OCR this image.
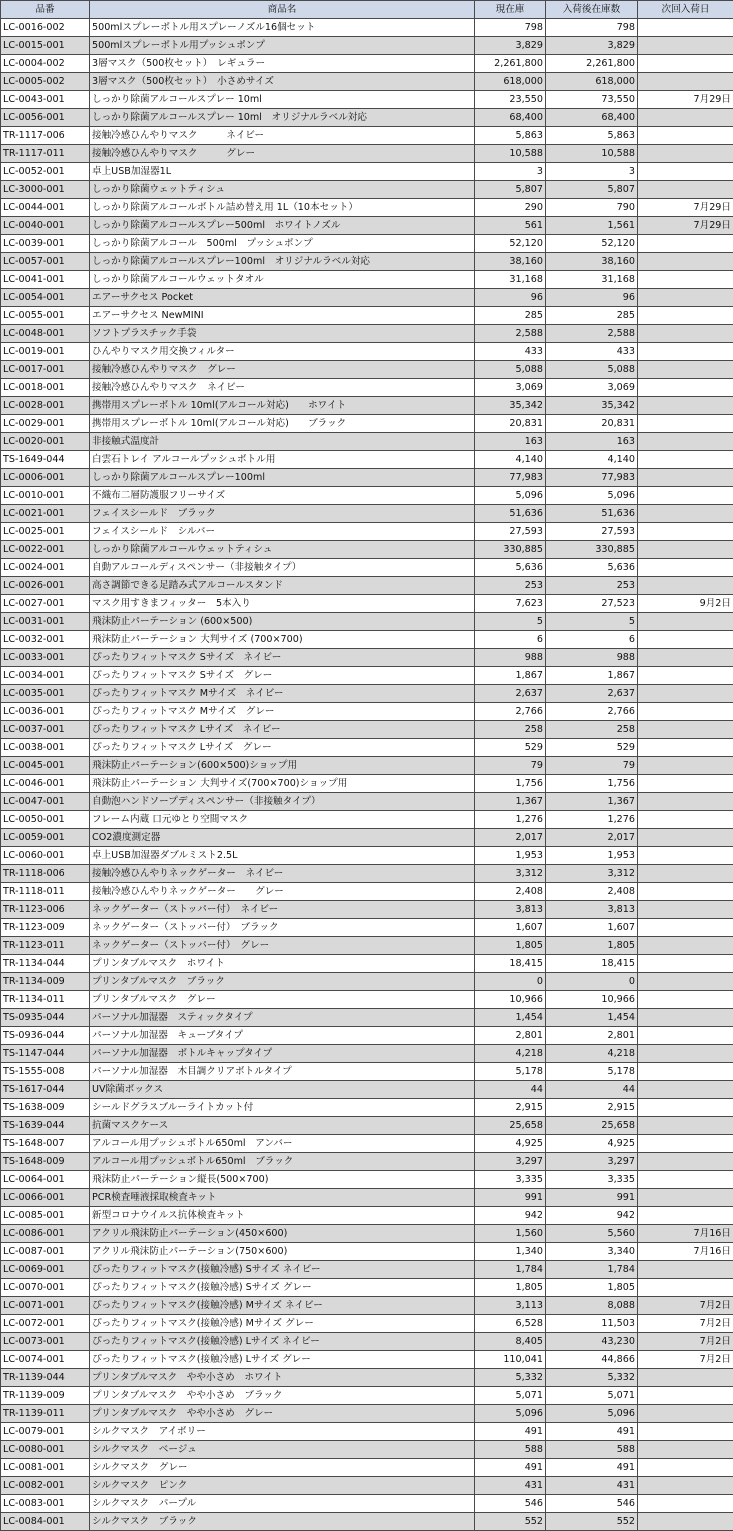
品番	商品名	現在庫	入荷後在庫数	次回入荷日
LC-0016-002	500mlスプレーボトル用スプレーノズル16個セット	798	798	
LC-0015-001	500mlスプレーボトル用プッシュポンプ	3,829	3,829	
LC-0004-002	3層マスク（500枚セット）　レギュラー	2,261,800	2,261,800	
LC-0005-002	3層マスク（500枚セット）　小さめサイズ	618,000	618,000	
LC-0043-001	しっかり除菌アルコールスプレー 10ml	23,550	73,550	7月29日
LC-0056-001	しっかり除菌アルコールスプレー 10ml　オリジナルラベル対応	68,400	68,400	
TR-1117-006	接触冷感ひんやりマスク　　　ネイビー	5,863	5,863	
TR-1117-011	接触冷感ひんやりマスク　　　グレー	10,588	10,588	
LC-0052-001	卓上USB加湿器1L	3	3	
LC-3000-001	しっかり除菌ウェットティシュ	5,807	5,807	
LC-0044-001	しっかり除菌アルコールボトル詰め替え用 1L（10本セット）	290	790	7月29日
LC-0040-001	しっかり除菌アルコールスプレー500ml　ホワイトノズル	561	1,561	7月29日
LC-0039-001	しっかり除菌アルコール　500ml　プッシュポンプ	52,120	52,120	
LC-0057-001	しっかり除菌アルコールスプレー100ml　オリジナルラベル対応	38,160	38,160	
LC-0041-001	しっかり除菌アルコールウェットタオル	31,168	31,168	
LC-0054-001	エアーサクセス Pocket	96	96	
LC-0055-001	エアーサクセス NewMINI	285	285	
LC-0048-001	ソフトプラスチック手袋	2,588	2,588	
LC-0019-001	ひんやりマスク用交換フィルター	433	433	
LC-0017-001	接触冷感ひんやりマスク　グレー	5,088	5,088	
LC-0018-001	接触冷感ひんやりマスク　ネイビー	3,069	3,069	
LC-0028-001	携帯用スプレーボトル 10ml(アルコール対応)　　ホワイト	35,342	35,342	
LC-0029-001	携帯用スプレーボトル 10ml(アルコール対応)　　ブラック	20,831	20,831	
LC-0020-001	非接触式温度計	163	163	
TS-1649-044	白雲石トレイ アルコールプッシュボトル用	4,140	4,140	
LC-0006-001	しっかり除菌アルコールスプレー100ml	77,983	77,983	
LC-0010-001	不織布二層防護服フリーサイズ	5,096	5,096	
LC-0021-001	フェイスシールド　ブラック	51,636	51,636	
LC-0025-001	フェイスシールド　シルバー	27,593	27,593	
LC-0022-001	しっかり除菌アルコールウェットティシュ	330,885	330,885	
LC-0024-001	自動アルコールディスペンサー（非接触タイプ）	5,636	5,636	
LC-0026-001	高さ調節できる足踏み式アルコールスタンド	253	253	
LC-0027-001	マスク用すきまフィッター　5本入り	7,623	27,523	9月2日
LC-0031-001	飛沫防止パーテーション (600×500)	5	5	
LC-0032-001	飛沫防止パーテーション 大判サイズ (700×700)	6	6	
LC-0033-001	ぴったりフィットマスク Sサイズ　ネイビー	988	988	
LC-0034-001	ぴったりフィットマスク Sサイズ　グレー	1,867	1,867	
LC-0035-001	ぴったりフィットマスク Mサイズ　ネイビー	2,637	2,637	
LC-0036-001	ぴったりフィットマスク Mサイズ　グレー	2,766	2,766	
LC-0037-001	ぴったりフィットマスク Lサイズ　ネイビー	258	258	
LC-0038-001	ぴったりフィットマスク Lサイズ　グレー	529	529	
LC-0045-001	飛沫防止パーテーション(600×500)ショップ用	79	79	
LC-0046-001	飛沫防止パーテーション 大判サイズ(700×700)ショップ用	1,756	1,756	
LC-0047-001	自動泡ハンドソープディスペンサー（非接触タイプ）	1,367	1,367	
LC-0050-001	フレーム内蔵 口元ゆとり空間マスク	1,276	1,276	
LC-0059-001	CO2濃度測定器	2,017	2,017	
LC-0060-001	卓上USB加湿器ダブルミスト2.5L	1,953	1,953	
TR-1118-006	接触冷感ひんやりネックゲーター　ネイビー	3,312	3,312	
TR-1118-011	接触冷感ひんやりネックゲーター　　グレー	2,408	2,408	
TR-1123-006	ネックゲーター（ストッパー付）　ネイビー	3,813	3,813	
TR-1123-009	ネックゲーター（ストッパー付）　ブラック	1,607	1,607	
TR-1123-011	ネックゲーター（ストッパー付）　グレー	1,805	1,805	
TR-1134-044	プリンタブルマスク　ホワイト	18,415	18,415	
TR-1134-009	プリンタブルマスク　ブラック	0	0	
TR-1134-011	プリンタブルマスク　グレー	10,966	10,966	
TS-0935-044	パーソナル加湿器　スティックタイプ	1,454	1,454	
TS-0936-044	パーソナル加湿器　キューブタイプ	2,801	2,801	
TS-1147-044	パーソナル加湿器　ボトルキャップタイプ	4,218	4,218	
TS-1555-008	パーソナル加湿器　木目調クリアボトルタイプ	5,178	5,178	
TS-1617-044	UV除菌ボックス	44	44	
TS-1638-009	シールドグラスブルーライトカット付	2,915	2,915	
TS-1639-044	抗菌マスクケース	25,658	25,658	
TS-1648-007	アルコール用プッシュボトル650ml　アンバー	4,925	4,925	
TS-1648-009	アルコール用プッシュボトル650ml　ブラック	3,297	3,297	
LC-0064-001	飛沫防止パーテーション縦長(500×700)	3,335	3,335	
LC-0066-001	PCR検査唾液採取検査キット	991	991	
LC-0085-001	新型コロナウイルス抗体検査キット	942	942	
LC-0086-001	アクリル飛沫防止パーテーション(450×600)	1,560	5,560	7月16日
LC-0087-001	アクリル飛沫防止パーテーション(750×600)	1,340	3,340	7月16日
LC-0069-001	ぴったりフィットマスク(接触冷感) Sサイズ ネイビー	1,784	1,784	
LC-0070-001	ぴったりフィットマスク(接触冷感) Sサイズ グレー	1,805	1,805	
LC-0071-001	ぴったりフィットマスク(接触冷感) Mサイズ ネイビー	3,113	8,088	7月2日
LC-0072-001	ぴったりフィットマスク(接触冷感) Mサイズ グレー	6,528	11,503	7月2日
LC-0073-001	ぴったりフィットマスク(接触冷感) Lサイズ ネイビー	8,405	43,230	7月2日
LC-0074-001	ぴったりフィットマスク(接触冷感) Lサイズ グレー	110,041	44,866	7月2日
TR-1139-044	プリンタブルマスク　やや小さめ　ホワイト	5,332	5,332	
TR-1139-009	プリンタブルマスク　やや小さめ　ブラック	5,071	5,071	
TR-1139-011	プリンタブルマスク　やや小さめ　グレー	5,096	5,096	
LC-0079-001	シルクマスク　アイボリー	491	491	
LC-0080-001	シルクマスク　ベージュ	588	588	
LC-0081-001	シルクマスク　グレー	491	491	
LC-0082-001	シルクマスク　ピンク	431	431	
LC-0083-001	シルクマスク　パープル	546	546	
LC-0084-001	シルクマスク　ブラック	552	552	
